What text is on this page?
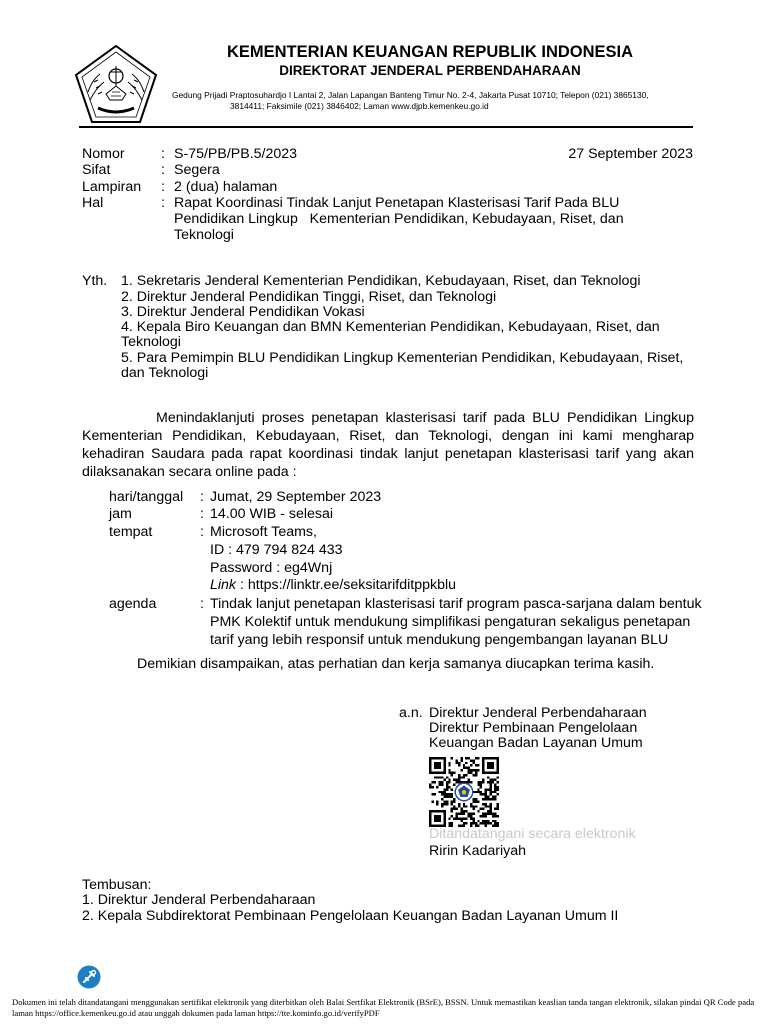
KEMENTERIAN KEUANGAN REPUBLIK INDONESIA
DIREKTORAT JENDERAL PERBENDAHARAAN
Gedung Prijadi Praptosuhardjo I Lantai 2, Jalan Lapangan Banteng Timur No. 2-4, Jakarta Pusat 10710; Telepon (021) 3865130,
3814411; Faksimile (021) 3846402; Laman www.djpb.kemenkeu.go.id
Nomor	: S-75/PB/PB.5/2023	27 September 2023
Sifat	: Segera
Lampiran : 2 (dua) halaman
Hal	: Rapat Koordinasi Tindak Lanjut Penetapan Klasterisasi Tarif Pada BLU
Pendidikan Lingkup   Kementerian Pendidikan, Kebudayaan, Riset, dan
Teknologi
Yth. 1. Sekretaris Jenderal Kementerian Pendidikan, Kebudayaan, Riset, dan Teknologi
2. Direktur Jenderal Pendidikan Tinggi, Riset, dan Teknologi
3. Direktur Jenderal Pendidikan Vokasi
4. Kepala Biro Keuangan dan BMN Kementerian Pendidikan, Kebudayaan, Riset, dan
Teknologi
5. Para Pemimpin BLU Pendidikan Lingkup Kementerian Pendidikan, Kebudayaan, Riset,
dan Teknologi
Menindaklanjuti proses penetapan klasterisasi tarif pada BLU Pendidikan Lingkup
Kementerian Pendidikan, Kebudayaan, Riset, dan Teknologi, dengan ini kami mengharap
kehadiran Saudara pada rapat koordinasi tindak lanjut penetapan klasterisasi tarif yang akan
dilaksanakan secara online pada :
hari/tanggal : Jumat, 29 September 2023
jam	: 14.00 WIB - selesai
tempat	: Microsoft Teams,
ID : 479 794 824 433
Password : eg4Wnj
Link : https://linktr.ee/seksitarifditppkblu
agenda	: Tindak lanjut penetapan klasterisasi tarif program pasca-sarjana dalam bentuk
PMK Kolektif untuk mendukung simplifikasi pengaturan sekaligus penetapan
tarif yang lebih responsif untuk mendukung pengembangan layanan BLU
Demikian disampaikan, atas perhatian dan kerja samanya diucapkan terima kasih.
a.n. Direktur Jenderal Perbendaharaan
Direktur Pembinaan Pengelolaan
Keuangan Badan Layanan Umum
Ditandatangani secara elektronik
Ririn Kadariyah
Tembusan:
1. Direktur Jenderal Perbendaharaan
2. Kepala Subdirektorat Pembinaan Pengelolaan Keuangan Badan Layanan Umum II
Dokumen ini telah ditandatangani menggunakan sertifikat elektronik yang diterbitkan oleh Balai Sertfikat Elektronik (BSrE), BSSN. Untuk memastikan keaslian tanda tangan elektronik, silakan pindai QR Code pada laman https://office.kemenkeu.go.id atau unggah dokumen pada laman https://tte.kominfo.go.id/verifyPDF
